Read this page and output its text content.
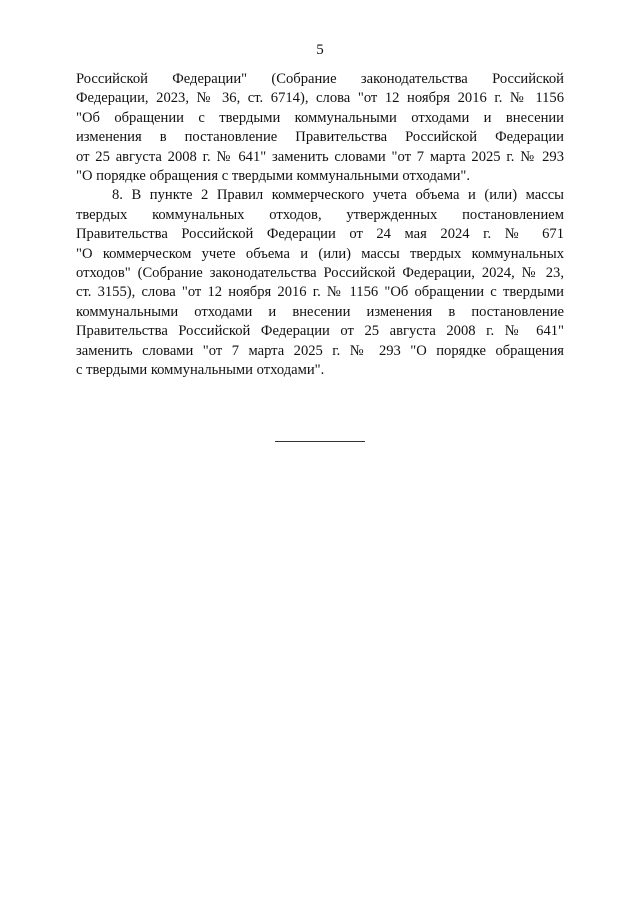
5

Российской Федерации" (Собрание законодательства Российской
Федерации, 2023, № 36, ст. 6714), слова "от 12 ноября 2016 г. № 1156
"Об обращении с твердыми коммунальными отходами и внесении
изменения в постановление Правительства Российской Федерации
от 25 августа 2008 г. № 641" заменить словами "от 7 марта 2025 г. № 293
"О порядке обращения с твердыми коммунальными отходами".

8. В пункте 2 Правил коммерческого учета объема и (или) массы
твердых коммунальных отходов, утвержденных постановлением
Правительства Российской Федерации от 24 мая 2024 г. № 671
"О коммерческом учете объема и (или) массы твердых коммунальных
отходов" (Собрание законодательства Российской Федерации, 2024, № 23,
ст. 3155), слова "от 12 ноября 2016 г. № 1156 "Об обращении с твердыми
коммунальными отходами и внесении изменения в постановление
Правительства Российской Федерации от 25 августа 2008 г. № 641"
заменить словами "от 7 марта 2025 г. № 293 "О порядке обращения
с твердыми коммунальными отходами".
